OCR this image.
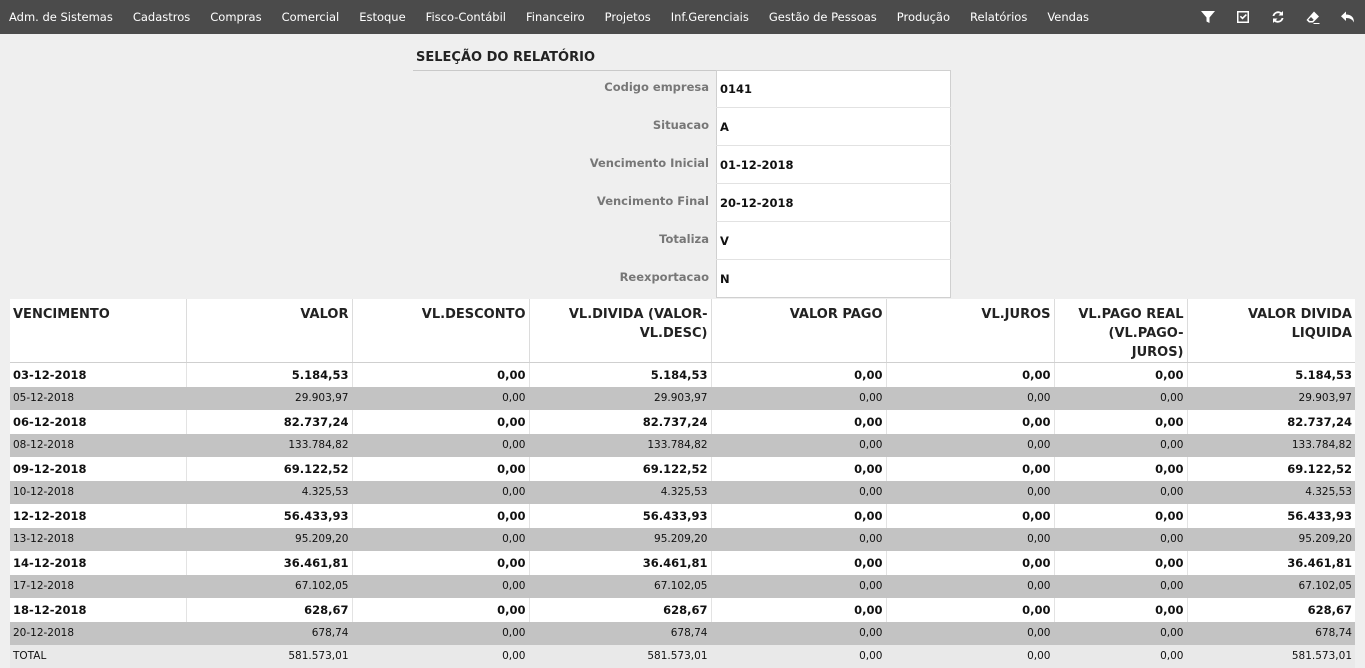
Adm. de Sistemas	Cadastros	Compras	Comercial	Estoque	Fisco-Contábil	Financeiro	Projetos	Inf.Gerenciais	Gestão de Pessoas	Produção	Relatórios	Vendas
SELEÇÃO DO RELATÓRIO
Codigo empresa 0141
Situacao A
Vencimento Inicial 01-12-2018
Vencimento Final 20-12-2018
Totaliza V
Reexportacao N
VENCIMENTO	VALOR	VL.DESCONTO	VL.DIVIDA (VALOR-VL.DESC)	VALOR PAGO	VL.JUROS	VL.PAGO REAL (VL.PAGO-JUROS)	VALOR DIVIDA LIQUIDA
03-12-2018	5.184,53	0,00	5.184,53	0,00	0,00	0,00	5.184,53
05-12-2018	29.903,97	0,00	29.903,97	0,00	0,00	0,00	29.903,97
06-12-2018	82.737,24	0,00	82.737,24	0,00	0,00	0,00	82.737,24
08-12-2018	133.784,82	0,00	133.784,82	0,00	0,00	0,00	133.784,82
09-12-2018	69.122,52	0,00	69.122,52	0,00	0,00	0,00	69.122,52
10-12-2018	4.325,53	0,00	4.325,53	0,00	0,00	0,00	4.325,53
12-12-2018	56.433,93	0,00	56.433,93	0,00	0,00	0,00	56.433,93
13-12-2018	95.209,20	0,00	95.209,20	0,00	0,00	0,00	95.209,20
14-12-2018	36.461,81	0,00	36.461,81	0,00	0,00	0,00	36.461,81
17-12-2018	67.102,05	0,00	67.102,05	0,00	0,00	0,00	67.102,05
18-12-2018	628,67	0,00	628,67	0,00	0,00	0,00	628,67
20-12-2018	678,74	0,00	678,74	0,00	0,00	0,00	678,74
TOTAL	581.573,01	0,00	581.573,01	0,00	0,00	0,00	581.573,01
